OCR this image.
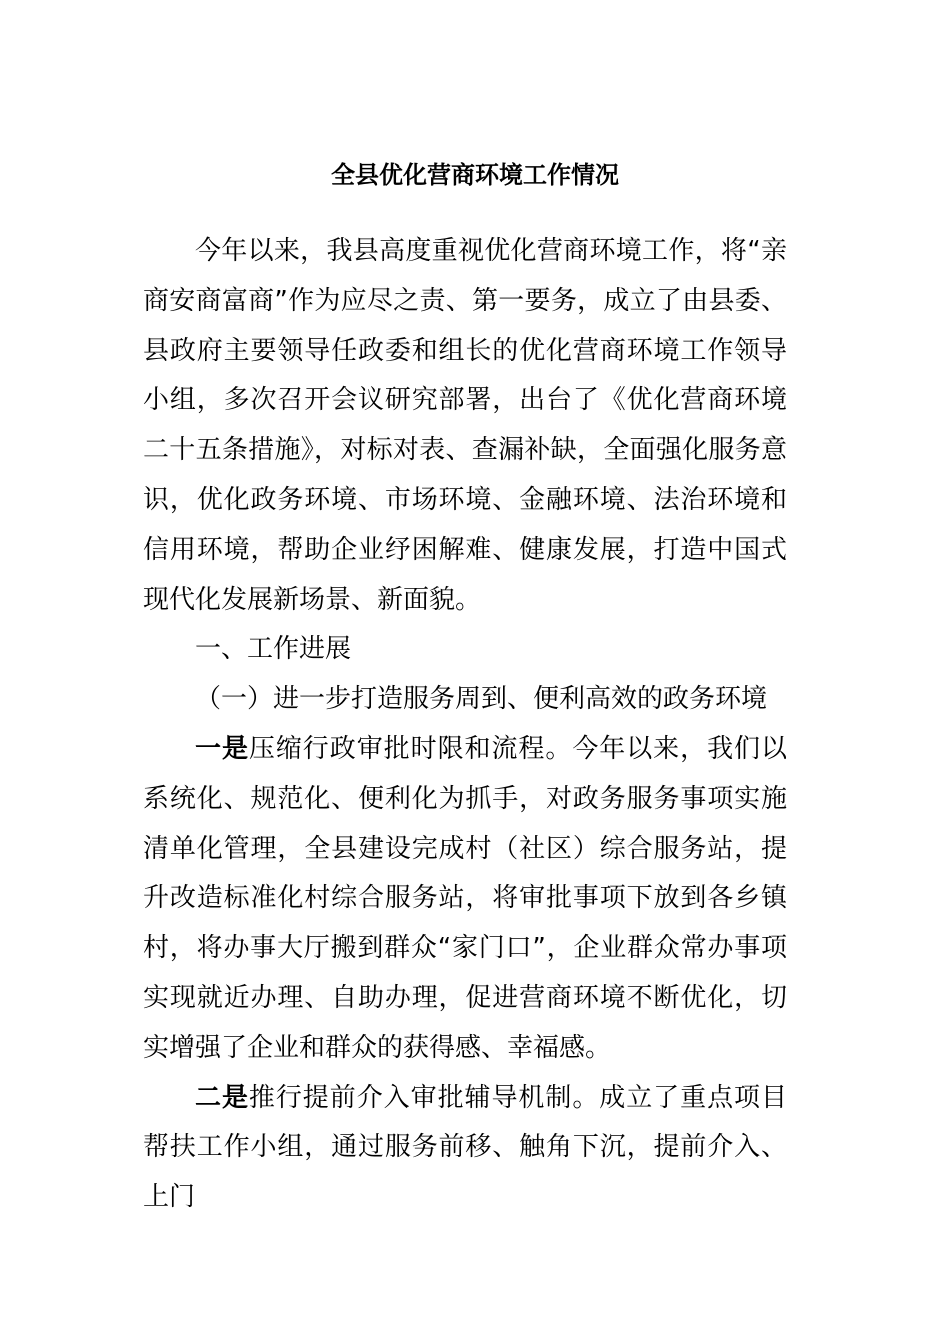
全县优化营商环境工作情况

今年以来，我县高度重视优化营商环境工作，将“亲商安商富商”作为应尽之责、第一要务，成立了由县委、县政府主要领导任政委和组长的优化营商环境工作领导小组，多次召开会议研究部署，出台了《优化营商环境二十五条措施》，对标对表、查漏补缺，全面强化服务意识，优化政务环境、市场环境、金融环境、法治环境和信用环境，帮助企业纾困解难、健康发展，打造中国式现代化发展新场景、新面貌。

一、工作进展

（一）进一步打造服务周到、便利高效的政务环境

一是压缩行政审批时限和流程。今年以来，我们以系统化、规范化、便利化为抓手，对政务服务事项实施清单化管理，全县建设完成村（社区）综合服务站，提升改造标准化村综合服务站，将审批事项下放到各乡镇村，将办事大厅搬到群众“家门口”，企业群众常办事项实现就近办理、自助办理，促进营商环境不断优化，切实增强了企业和群众的获得感、幸福感。

二是推行提前介入审批辅导机制。成立了重点项目帮扶工作小组，通过服务前移、触角下沉，提前介入、上门
